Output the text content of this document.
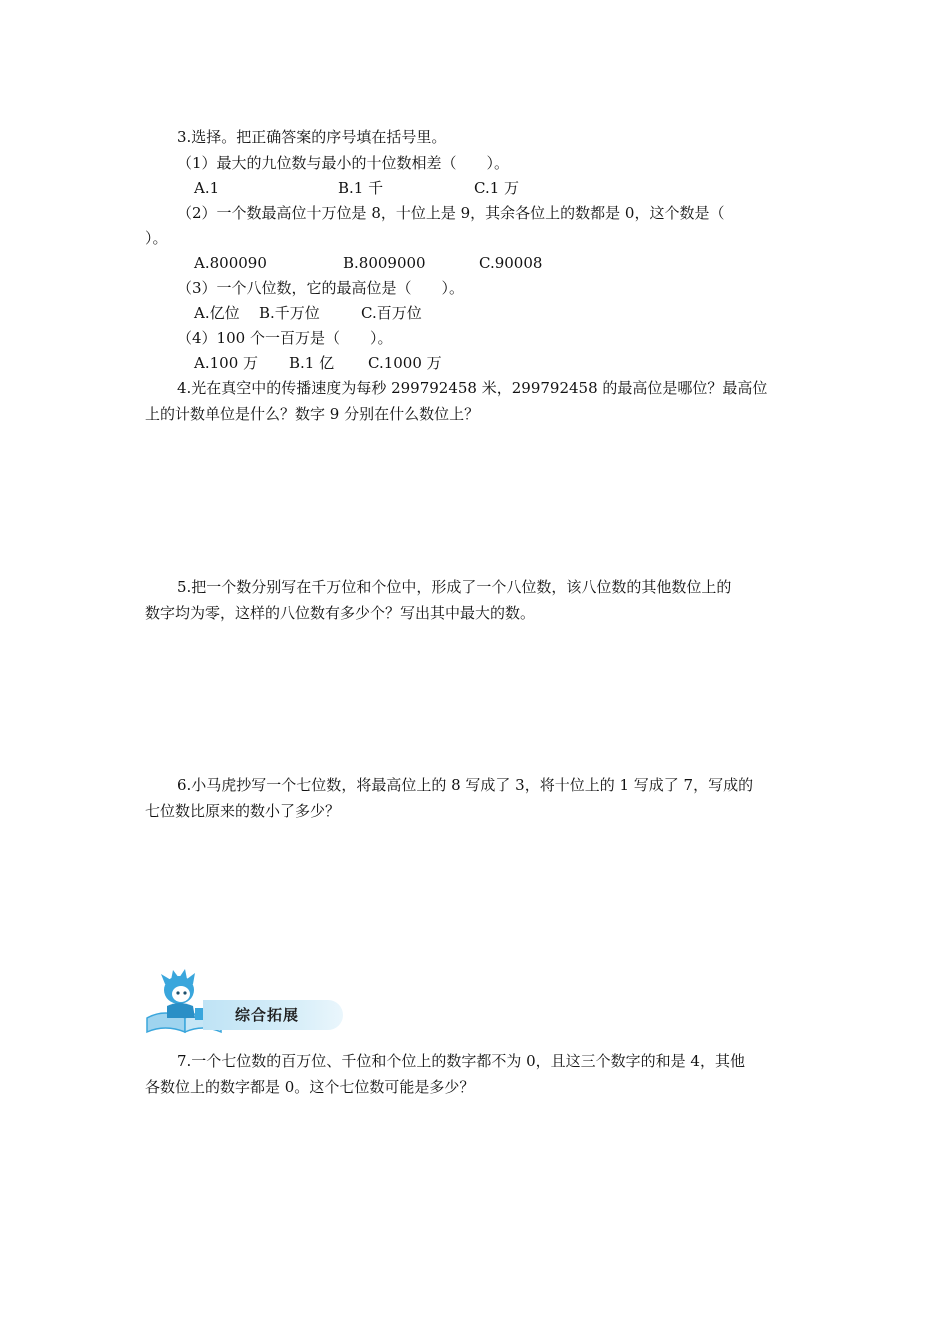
3.选择。把正确答案的序号填在括号里。
（1）最大的九位数与最小的十位数相差（　　）。
A.1	B.1 千	C.1 万
（2）一个数最高位十万位是 8，十位上是 9，其余各位上的数都是 0，这个数是（
）。
A.800090	B.8009000	C.90008
（3）一个八位数，它的最高位是（　　）。
A.亿位 B.千万位	C.百万位
（4）100 个一百万是（　　）。
A.100 万 B.1 亿 C.1000 万
4.光在真空中的传播速度为每秒 299792458 米，299792458 的最高位是哪位？最高位
上的计数单位是什么？数字 9 分别在什么数位上？
5.把一个数分别写在千万位和个位中，形成了一个八位数，该八位数的其他数位上的
数字均为零，这样的八位数有多少个？写出其中最大的数。
6.小马虎抄写一个七位数，将最高位上的 8 写成了 3，将十位上的 1 写成了 7，写成的
七位数比原来的数小了多少？
综合拓展
7.一个七位数的百万位、千位和个位上的数字都不为 0，且这三个数字的和是 4，其他
各数位上的数字都是 0。这个七位数可能是多少？
